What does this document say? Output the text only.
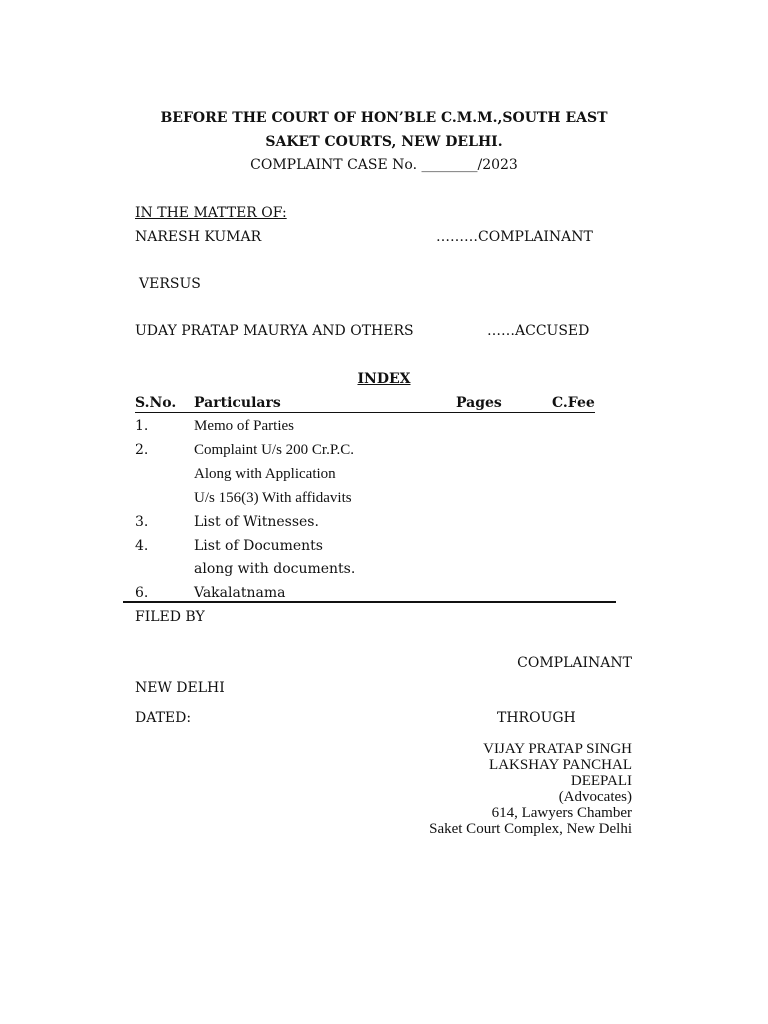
BEFORE THE COURT OF HON’BLE C.M.M.,SOUTH EAST
SAKET COURTS, NEW DELHI.
COMPLAINT CASE No. ________/2023
IN THE MATTER OF:
NARESH KUMAR	………COMPLAINANT
VERSUS
UDAY PRATAP MAURYA AND OTHERS	……ACCUSED
INDEX
S.No. Particulars	Pages	C.Fee
1.	Memo of Parties
2.	Complaint U/s 200 Cr.P.C.
Along with Application
U/s 156(3) With affidavits
3.	List of Witnesses.
4.	List of Documents
along with documents.
6.	Vakalatnama
FILED BY
COMPLAINANT
NEW DELHI
DATED:	THROUGH
VIJAY PRATAP SINGH
LAKSHAY PANCHAL
DEEPALI
(Advocates)
614, Lawyers Chamber
Saket Court Complex, New Delhi
